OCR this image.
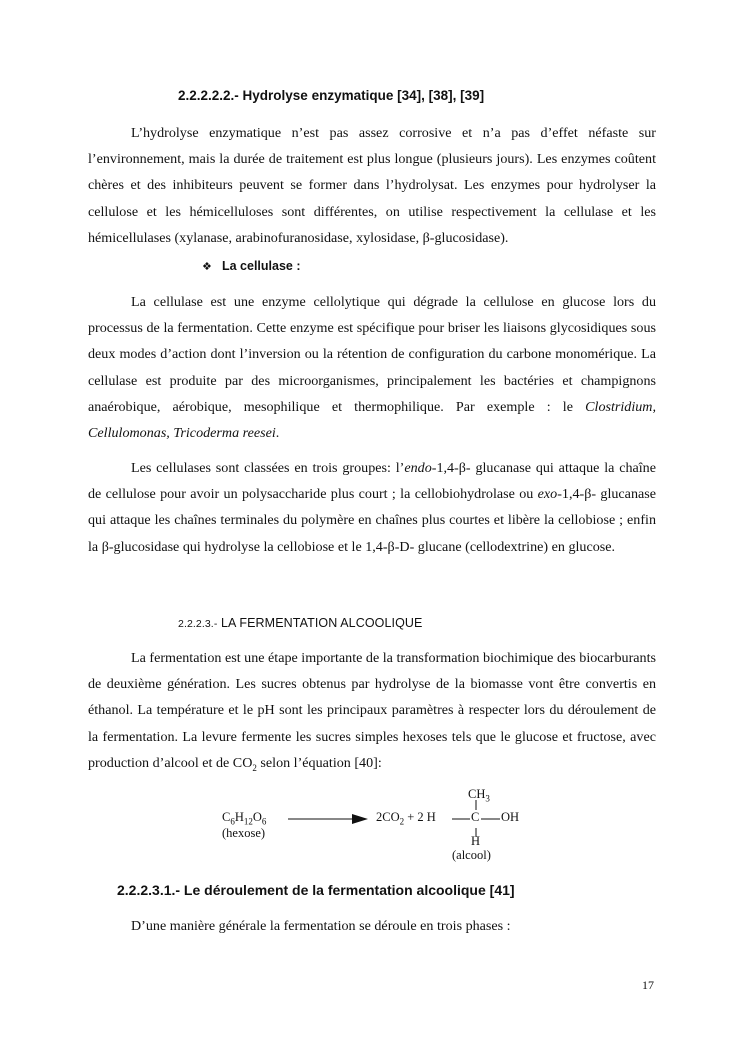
2.2.2.2.2.- Hydrolyse enzymatique [34], [38], [39]

L’hydrolyse enzymatique n’est pas assez corrosive et n’a pas d’effet néfaste sur l’environnement, mais la durée de traitement est plus longue (plusieurs jours). Les enzymes coûtent chères et des inhibiteurs peuvent se former dans l’hydrolysat. Les enzymes pour hydrolyser la cellulose et les hémicelluloses sont différentes, on utilise respectivement la cellulase et les hémicellulases (xylanase, arabinofuranosidase, xylosidase, β-glucosidase).

❖ La cellulase :

La cellulase est une enzyme cellolytique qui dégrade la cellulose en glucose lors du processus de la fermentation. Cette enzyme est spécifique pour briser les liaisons glycosidiques sous deux modes d’action dont l’inversion ou la rétention de configuration du carbone monomérique. La cellulase est produite par des microorganismes, principalement les bactéries et champignons anaérobique, aérobique, mesophilique et thermophilique. Par exemple : le Clostridium, Cellulomonas, Tricoderma reesei.

Les cellulases sont classées en trois groupes: l’endo-1,4-β- glucanase qui attaque la chaîne de cellulose pour avoir un polysaccharide plus court ; la cellobiohydrolase ou exo-1,4-β- glucanase qui attaque les chaînes terminales du polymère en chaînes plus courtes et libère la cellobiose ; enfin la β-glucosidase qui hydrolyse la cellobiose et le 1,4-β-D- glucane (cellodextrine) en glucose.

2.2.2.3.- LA FERMENTATION ALCOOLIQUE

La fermentation est une étape importante de la transformation biochimique des biocarburants de deuxième génération. Les sucres obtenus par hydrolyse de la biomasse vont être convertis en éthanol. La température et le pH sont les principaux paramètres à respecter lors du déroulement de la fermentation. La levure fermente les sucres simples hexoses tels que le glucose et fructose, avec production d’alcool et de $CO_2$ selon l’équation [40]:

$C_6H_{12}O_6$
(hexose)
$2CO_2 + 2$ H
$CH_3$
C OH
H
(alcool)
2.2.2.3.1.- Le déroulement de la fermentation alcoolique [41]

D’une manière générale la fermentation se déroule en trois phases :

17
